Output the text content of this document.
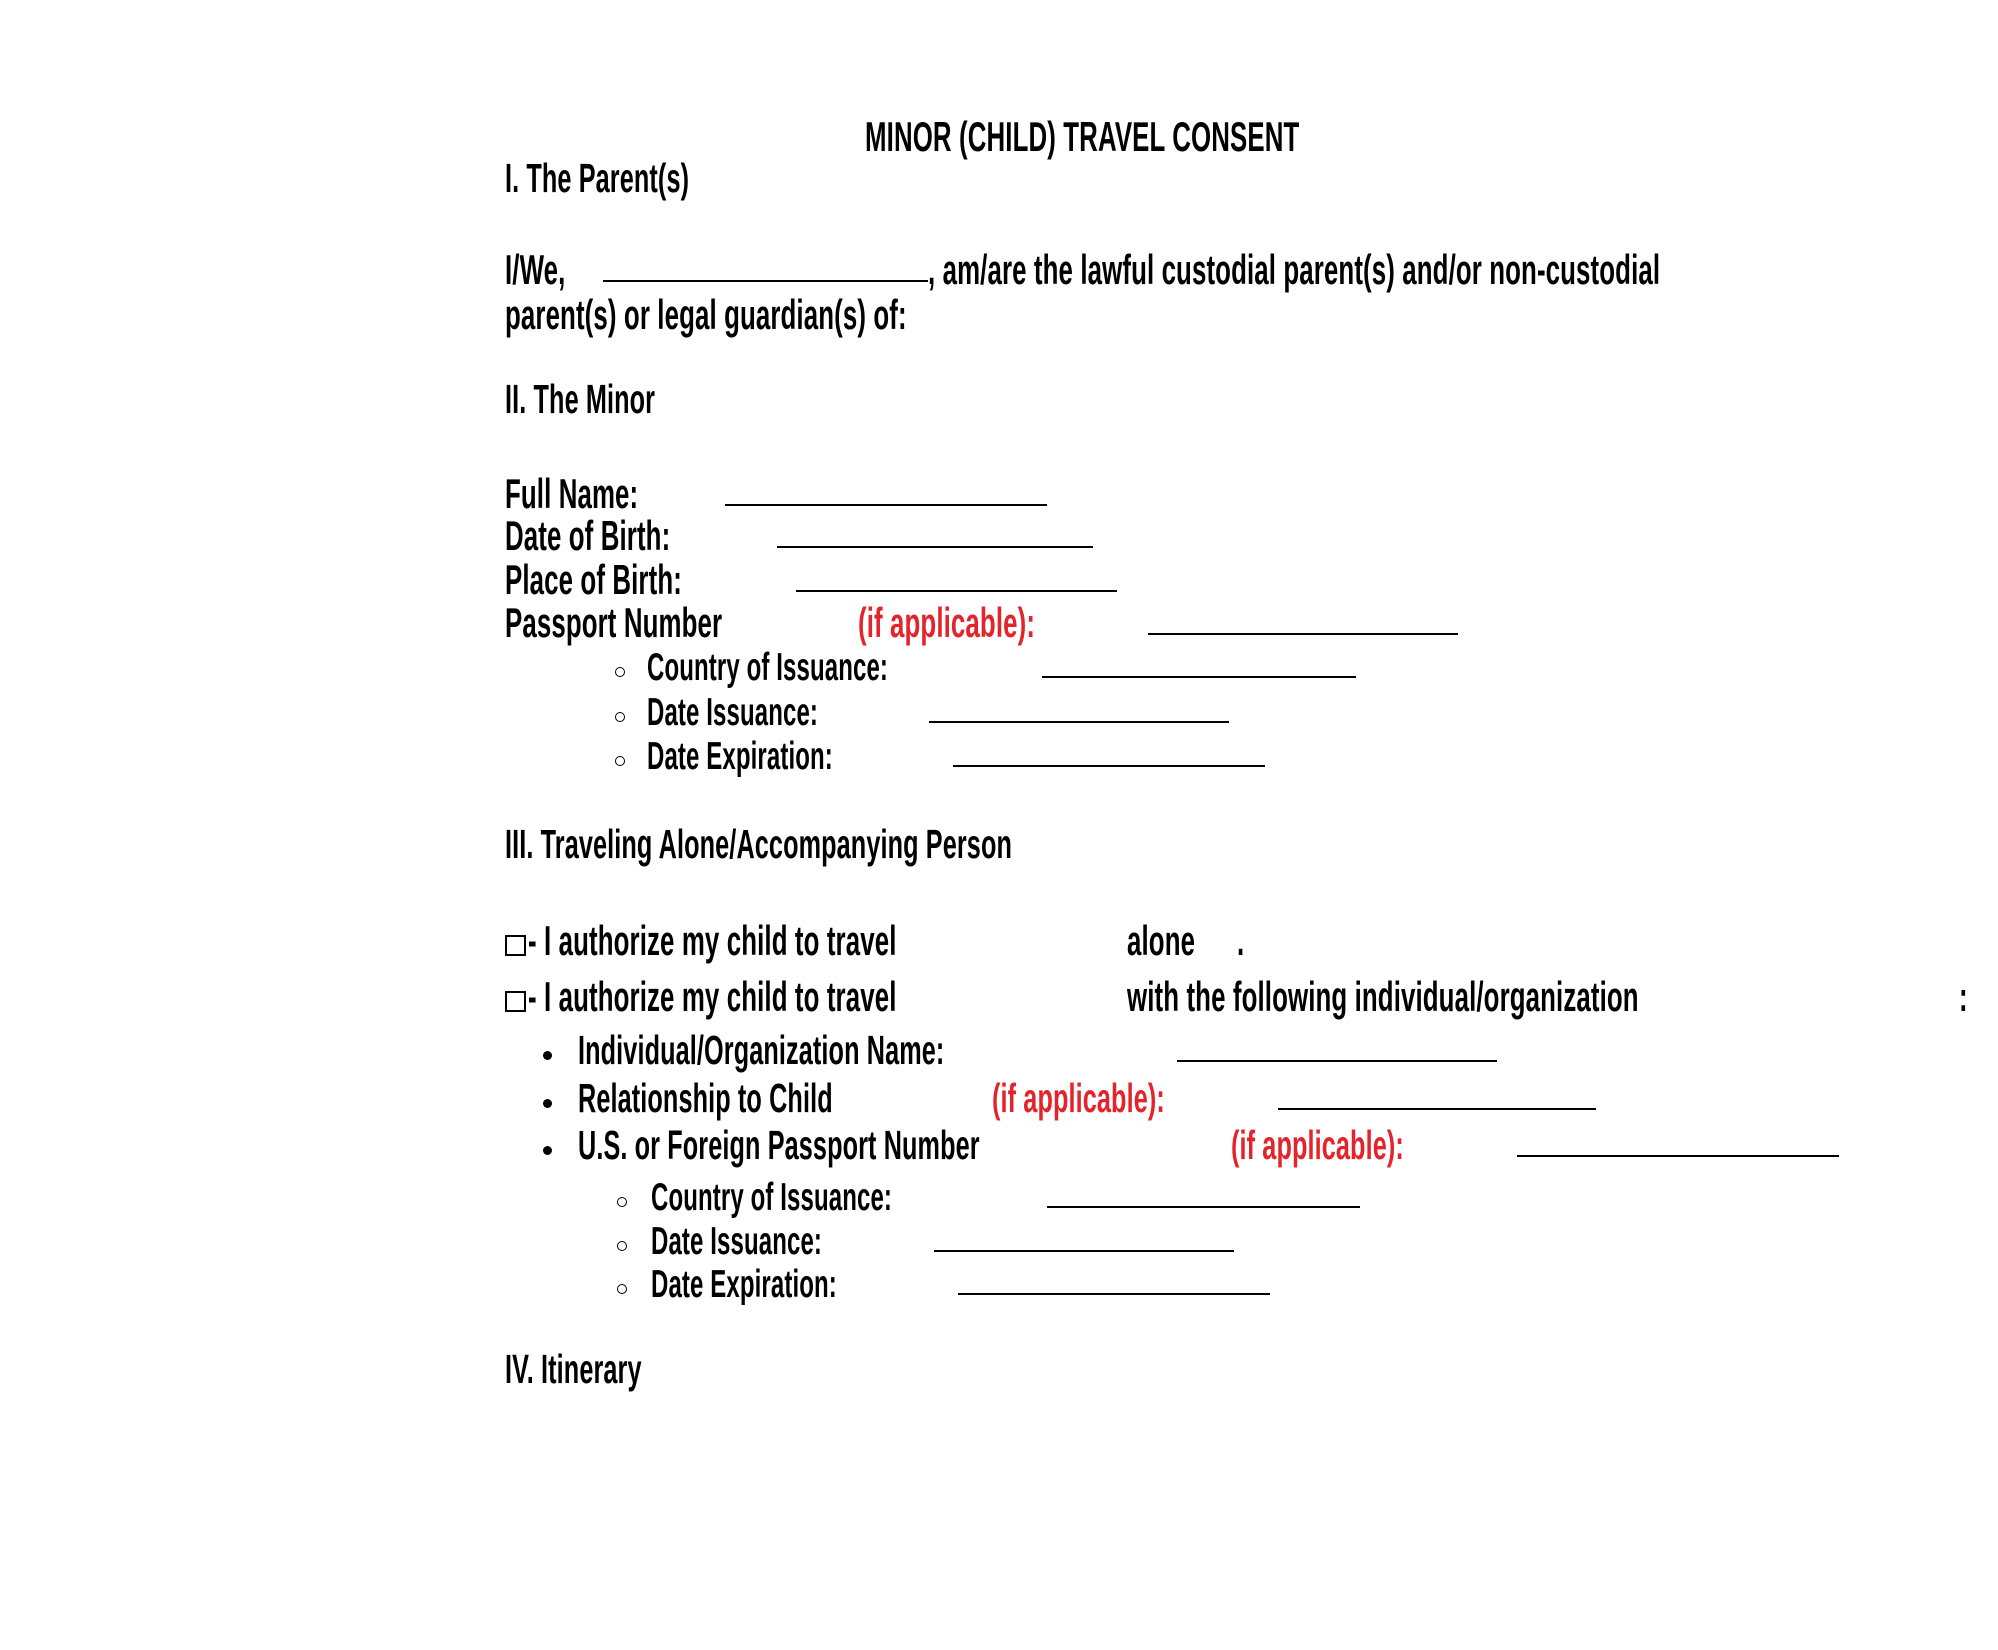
MINOR (CHILD) TRAVEL CONSENT
I. The Parent(s)
I/We,	, am/are the lawful custodial parent(s) and/or non-custodial
parent(s) or legal guardian(s) of:
II. The Minor
Full Name:
Date of Birth:
Place of Birth:
Passport Number	(if applicable):
Country of Issuance:
Date Issuance:
Date Expiration:
III. Traveling Alone/Accompanying Person
- I authorize my child to travel	alone .
- I authorize my child to travel	with the following individual/organization	:
Individual/Organization Name:
Relationship to Child	(if applicable):
U.S. or Foreign Passport Number	(if applicable):
Country of Issuance:
Date Issuance:
Date Expiration:
IV. Itinerary
